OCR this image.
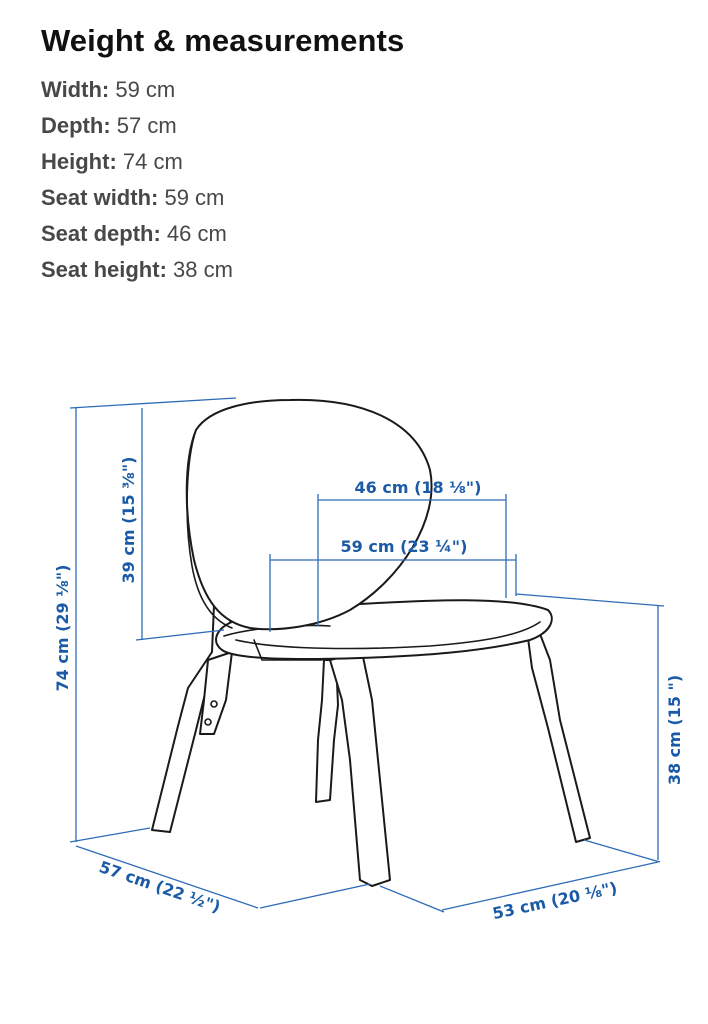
Weight & measurements
Width: 59 cm
Depth: 57 cm
Height: 74 cm
Seat width: 59 cm
Seat depth: 46 cm
Seat height: 38 cm
74 cm (29 ⅛")
39 cm (15 ⅜")	46 cm (18 ⅛")
59 cm (23 ¼")
38 cm (15 ")
57 cm (22 ½")	53 cm (20 ⅛")
